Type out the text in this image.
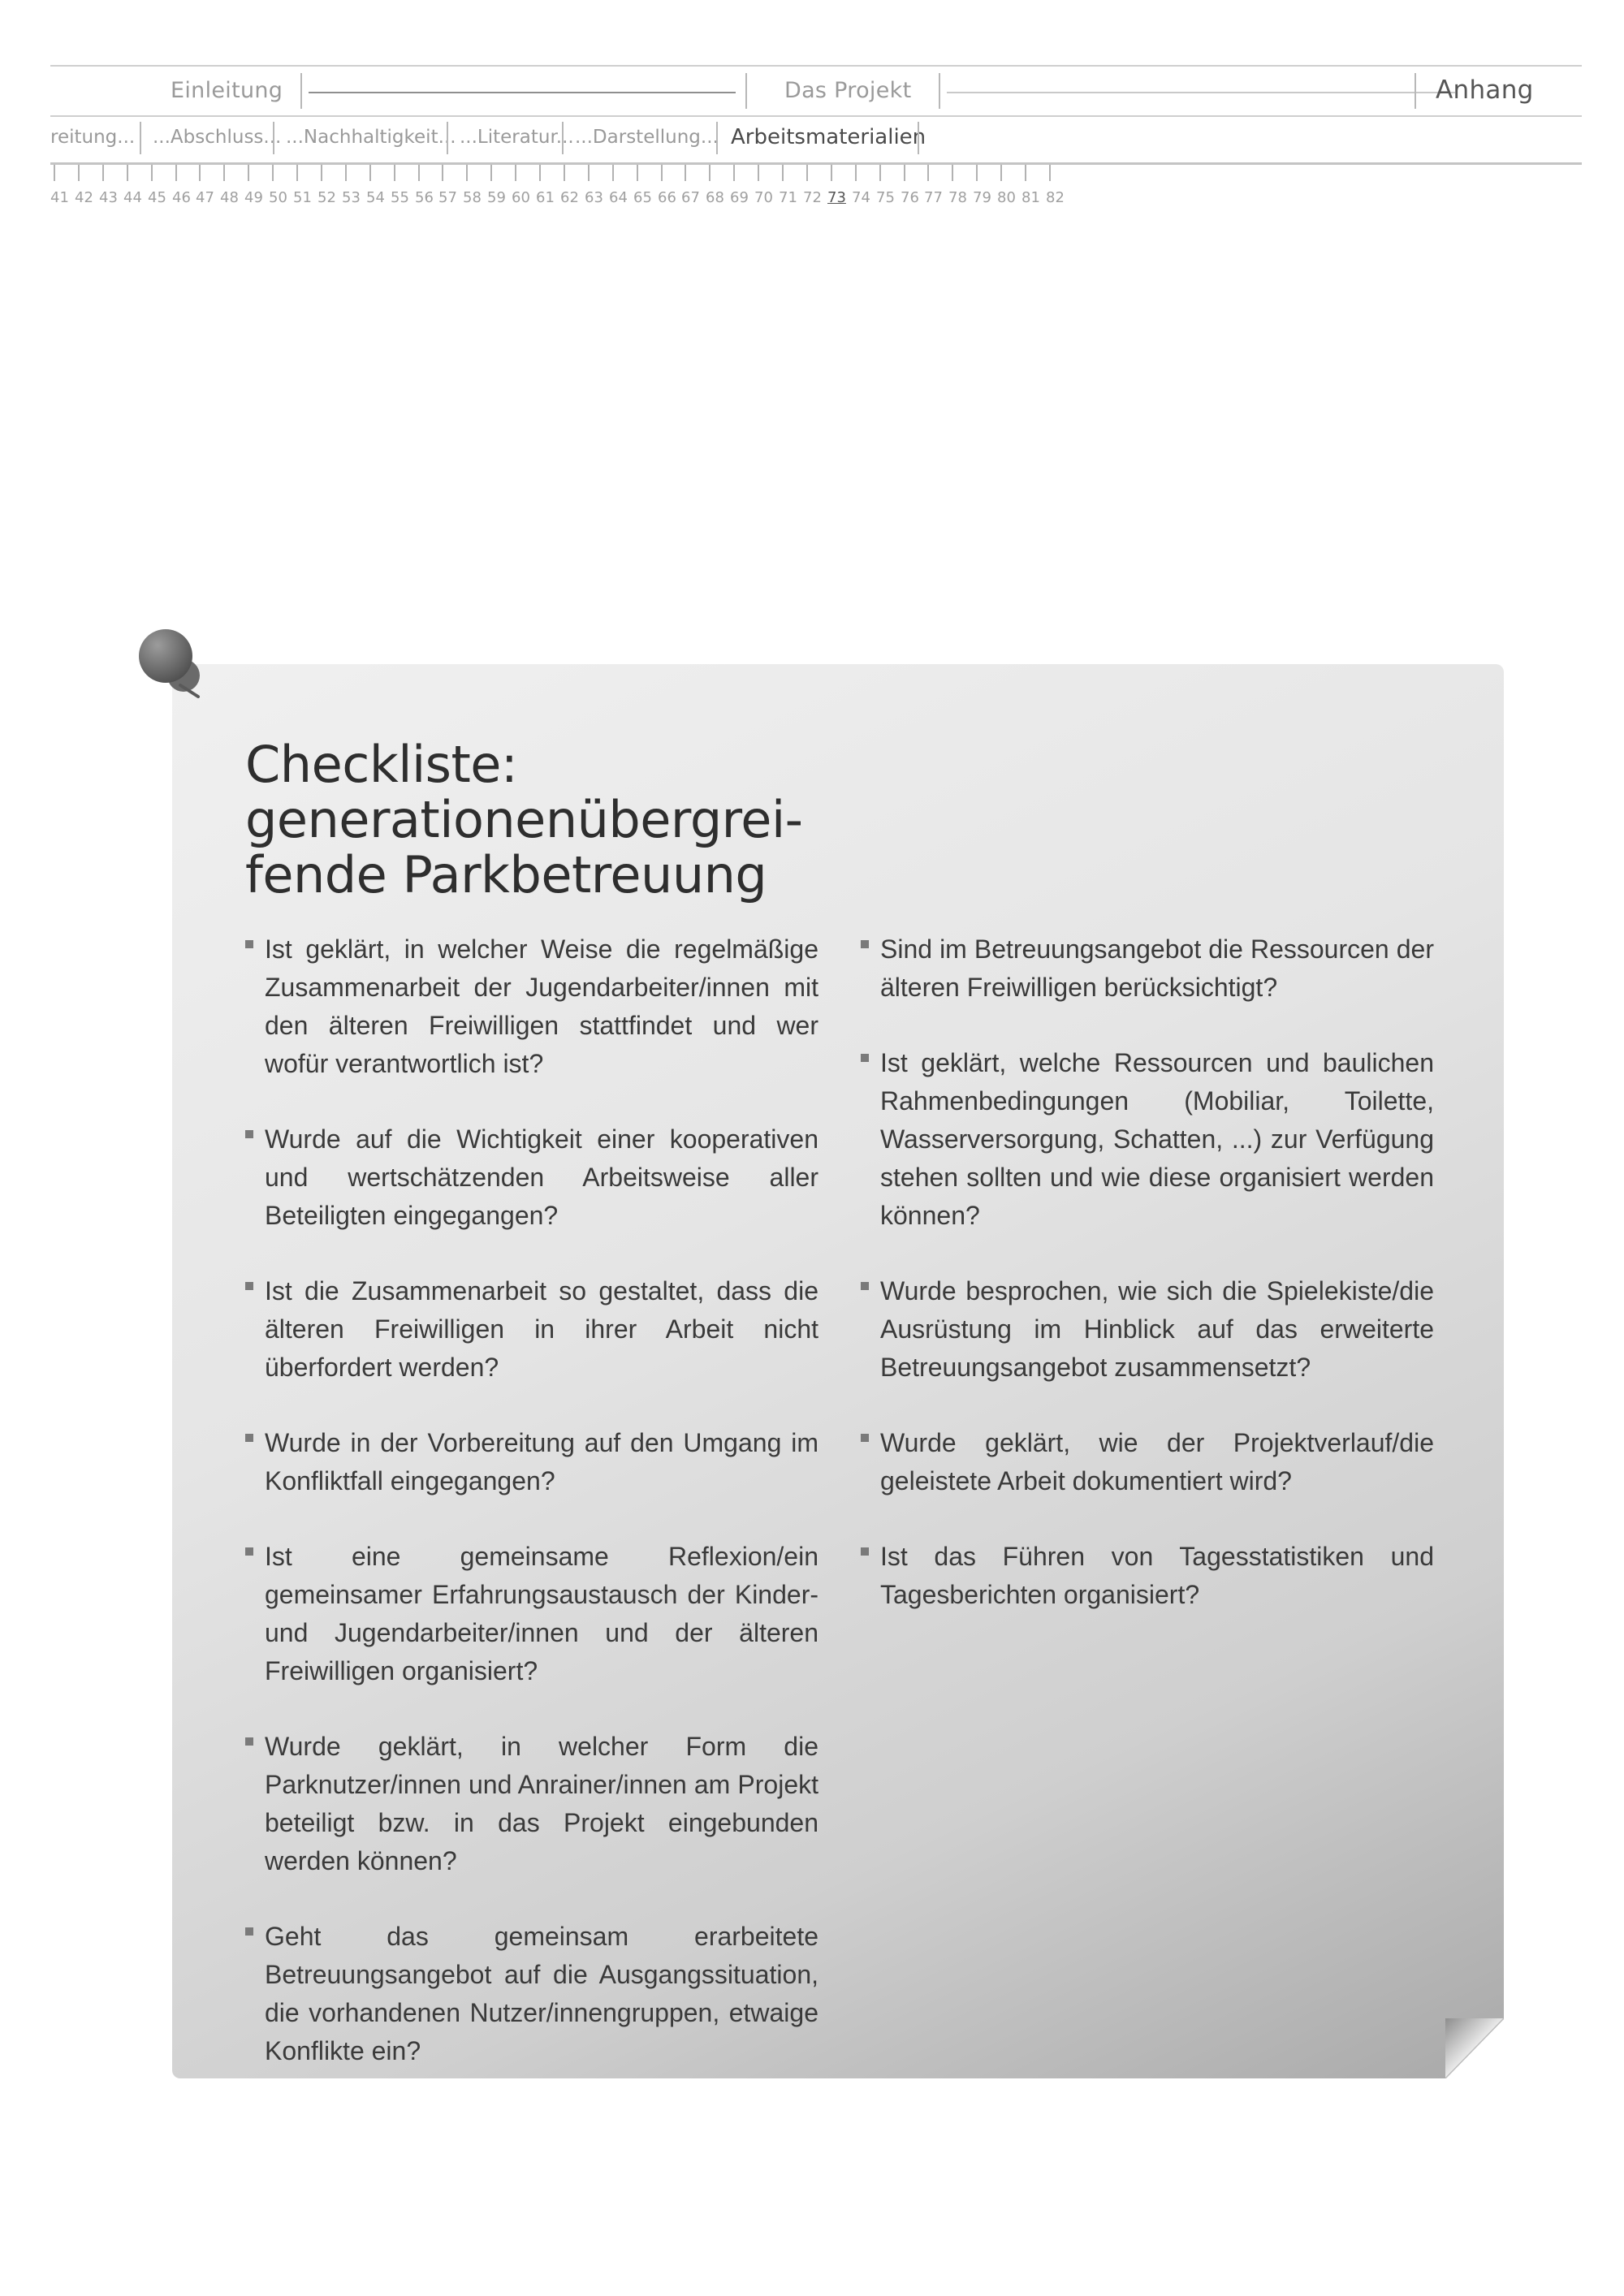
Einleitung	Das Projekt	Anhang
reitung... ...Abschluss... ...Nachhaltigkeit... ...Literatur... ...Darstellung... Arbeitsmaterialien
41 42 43 44 45 46 47 48 49 50 51 52 53 54 55 56 57 58 59 60 61 62 63 64 65 66 67 68 69 70 71 72 73 74 75 76 77 78 79 80 81 82
Checkliste:
generationenübergrei-
fende Parkbetreuung
Ist geklärt, in welcher Weise die regelmäßige Zusammenarbeit der Jugendarbeiter/innen mit den älteren Freiwilligen stattfindet und wer wofür verantwortlich ist?
Wurde auf die Wichtigkeit einer kooperativen und wertschätzenden Arbeitsweise aller Beteiligten eingegangen?
Ist die Zusammenarbeit so gestaltet, dass die älteren Freiwilligen in ihrer Arbeit nicht überfordert werden?
Wurde in der Vorbereitung auf den Umgang im Konfliktfall eingegangen?
Ist eine gemeinsame Reflexion/ein gemeinsamer Erfahrungsaustausch der Kinder- und Jugendarbeiter/innen und der älteren Freiwilligen organisiert?
Wurde geklärt, in welcher Form die Parknutzer/innen und Anrainer/innen am Projekt beteiligt bzw. in das Projekt eingebunden werden können?
Geht das gemeinsam erarbeitete Betreuungsangebot auf die Ausgangssituation, die vorhandenen Nutzer/innengruppen, etwaige Konflikte ein?
Sind im Betreuungsangebot die Ressourcen der älteren Freiwilligen berücksichtigt?
Ist geklärt, welche Ressourcen und baulichen Rahmenbedingungen (Mobiliar, Toilette, Wasserversorgung, Schatten, ...) zur Verfügung stehen sollten und wie diese organisiert werden können?
Wurde besprochen, wie sich die Spielekiste/die Ausrüstung im Hinblick auf das erweiterte Betreuungsangebot zusammensetzt?
Wurde geklärt, wie der Projektverlauf/die geleistete Arbeit dokumentiert wird?
Ist das Führen von Tagesstatistiken und Tagesberichten organisiert?
